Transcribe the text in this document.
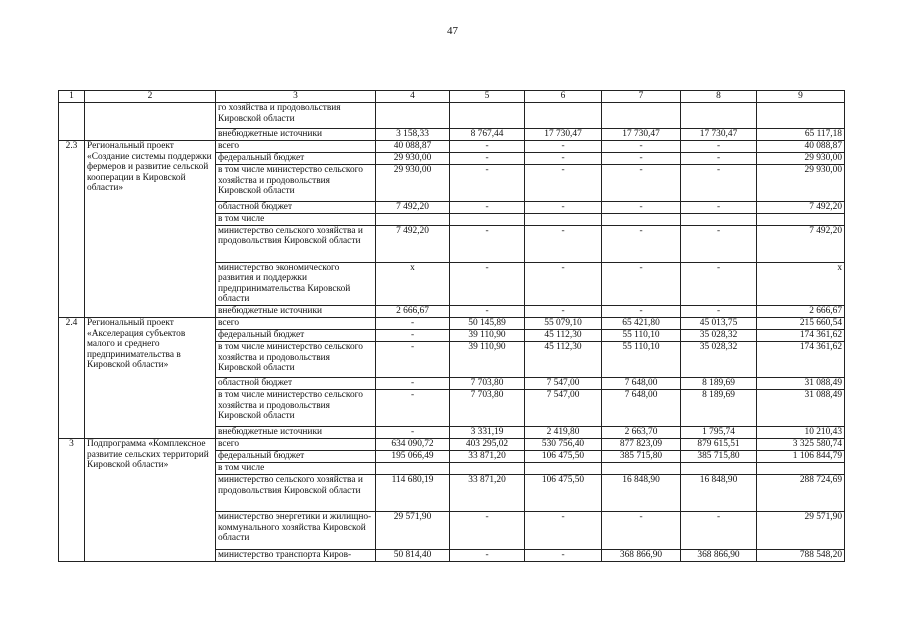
47
1	2	3	4	5	6	7	8	9
		го хозяйства и продовольствия Кировской области						
		внебюджетные источники	3 158,33	8 767,44	17 730,47	17 730,47	17 730,47	65 117,18
2.3	Региональный проект «Создание системы поддержки фермеров и развитие сельской кооперации в Кировской области»	всего	40 088,87	-	-	-	-	40 088,87
		федеральный бюджет	29 930,00	-	-	-	-	29 930,00
		в том числе министерство сельского хозяйства и продовольствия Кировской области	29 930,00	-	-	-	-	29 930,00
		областной бюджет	7 492,20	-	-	-	-	7 492,20
		в том числе						
		министерство сельского хозяйства и продовольствия Кировской области	7 492,20	-	-	-	-	7 492,20
		министерство экономического развития и поддержки предпринимательства Кировской области	х	-	-	-	-	х
		внебюджетные источники	2 666,67	-	-	-	-	2 666,67
2.4	Региональный проект «Акселерация субъектов малого и среднего предпринимательства в Кировской области»	всего	-	50 145,89	55 079,10	65 421,80	45 013,75	215 660,54
		федеральный бюджет	-	39 110,90	45 112,30	55 110,10	35 028,32	174 361,62
		в том числе министерство сельского хозяйства и продовольствия Кировской области	-	39 110,90	45 112,30	55 110,10	35 028,32	174 361,62
		областной бюджет	-	7 703,80	7 547,00	7 648,00	8 189,69	31 088,49
		в том числе министерство сельского хозяйства и продовольствия Кировской области	-	7 703,80	7 547,00	7 648,00	8 189,69	31 088,49
		внебюджетные источники	-	3 331,19	2 419,80	2 663,70	1 795,74	10 210,43
3	Подпрограмма «Комплексное развитие сельских территорий Кировской области»	всего	634 090,72	403 295,02	530 756,40	877 823,09	879 615,51	3 325 580,74
		федеральный бюджет	195 066,49	33 871,20	106 475,50	385 715,80	385 715,80	1 106 844,79
		в том числе						
		министерство сельского хозяйства и продовольствия Кировской области	114 680,19	33 871,20	106 475,50	16 848,90	16 848,90	288 724,69
		министерство энергетики и жилищно-коммунального хозяйства Кировской области	29 571,90	-	-	-	-	29 571,90
		министерство транспорта Киров-	50 814,40	-	-	368 866,90	368 866,90	788 548,20
